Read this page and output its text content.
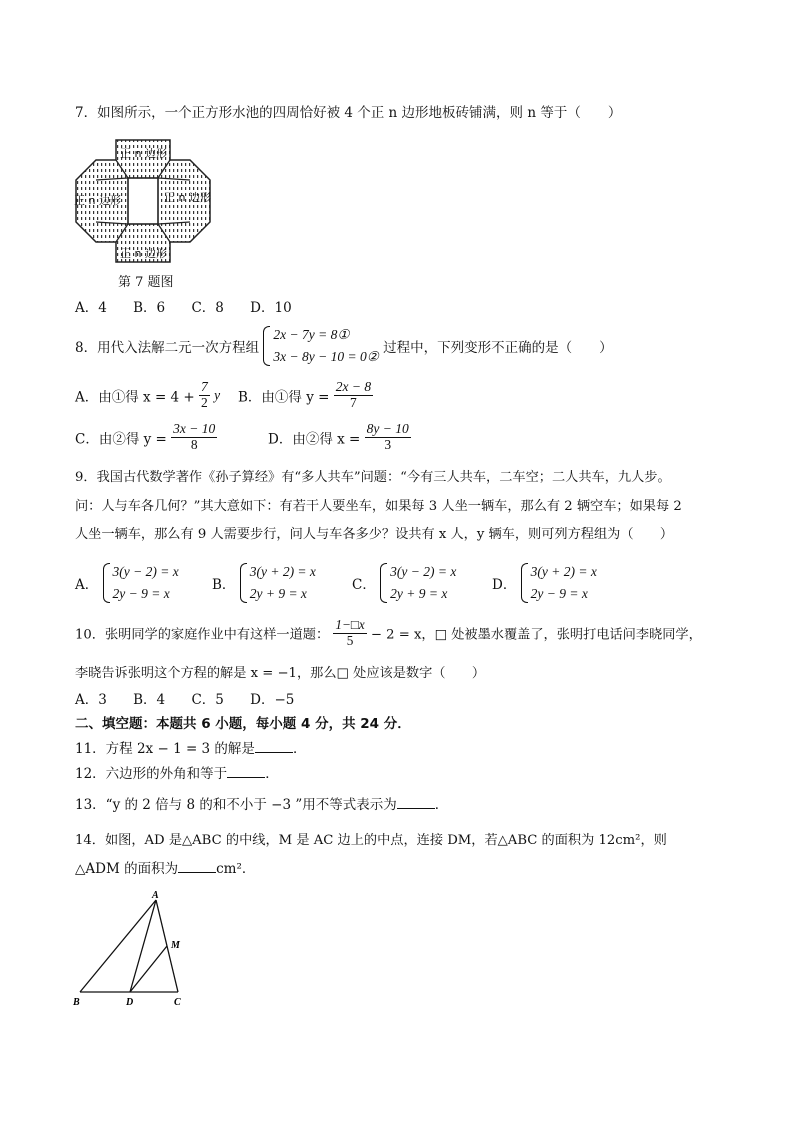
7．如图所示，一个正方形水池的四周恰好被 4 个正 n 边形地板砖铺满，则 n 等于（　　）
正 n 边形
正 n 边形	正 n 边形
正 n 边形
第 7 题图
A．4 B．6 C．8 D．10
8．用代入法解二元一次方程组
2x − 7y = 8①
3x − 8y − 10 = 0②
过程中，下列变形不正确的是（　　）
A．由①得 $x = 4 + \frac{7}{2}$ y B．由①得 $y = \frac{2x - 8}{7}$
C．由②得 $y = \frac{3x - 10}{8}$	D．由②得 $x = \frac{8y - 10}{3}$
9．我国古代数学著作《孙子算经》有“多人共车”问题：“今有三人共车，二车空；二人共车，九人步。
问：人与车各几何？”其大意如下：有若干人要坐车，如果每 3 人坐一辆车，那么有 2 辆空车；如果每 2
人坐一辆车，那么有 9 人需要步行，问人与车各多少？设共有 x 人，y 辆车，则可列方程组为（　　）
A．
3(y − 2) = x
2y − 9 = x
B．
3(y + 2) = x
2y + 9 = x
C．
3(y − 2) = x
2y + 9 = x
D．
3(y + 2) = x
2y − 9 = x
10．张明同学的家庭作业中有这样一道题： $\frac{1-□x}{5} - 2 = x$，□ 处被墨水覆盖了，张明打电话问李晓同学，
李晓告诉张明这个方程的解是 x = −1，那么□ 处应该是数字（　　）
A．3 B．4 C．5 D．−5
二、填空题：本题共 6 小题，每小题 4 分，共 24 分．
11．方程 2x − 1 = 3 的解是	．
12．六边形的外角和等于	．
13．“y 的 2 倍与 8 的和不小于 −3 ”用不等式表示为	．
14．如图，AD 是△ABC 的中线，M 是 AC 边上的中点，连接 DM，若△ABC 的面积为 12cm²，则
△ADM 的面积为	cm²．
A
B	D	C
M
